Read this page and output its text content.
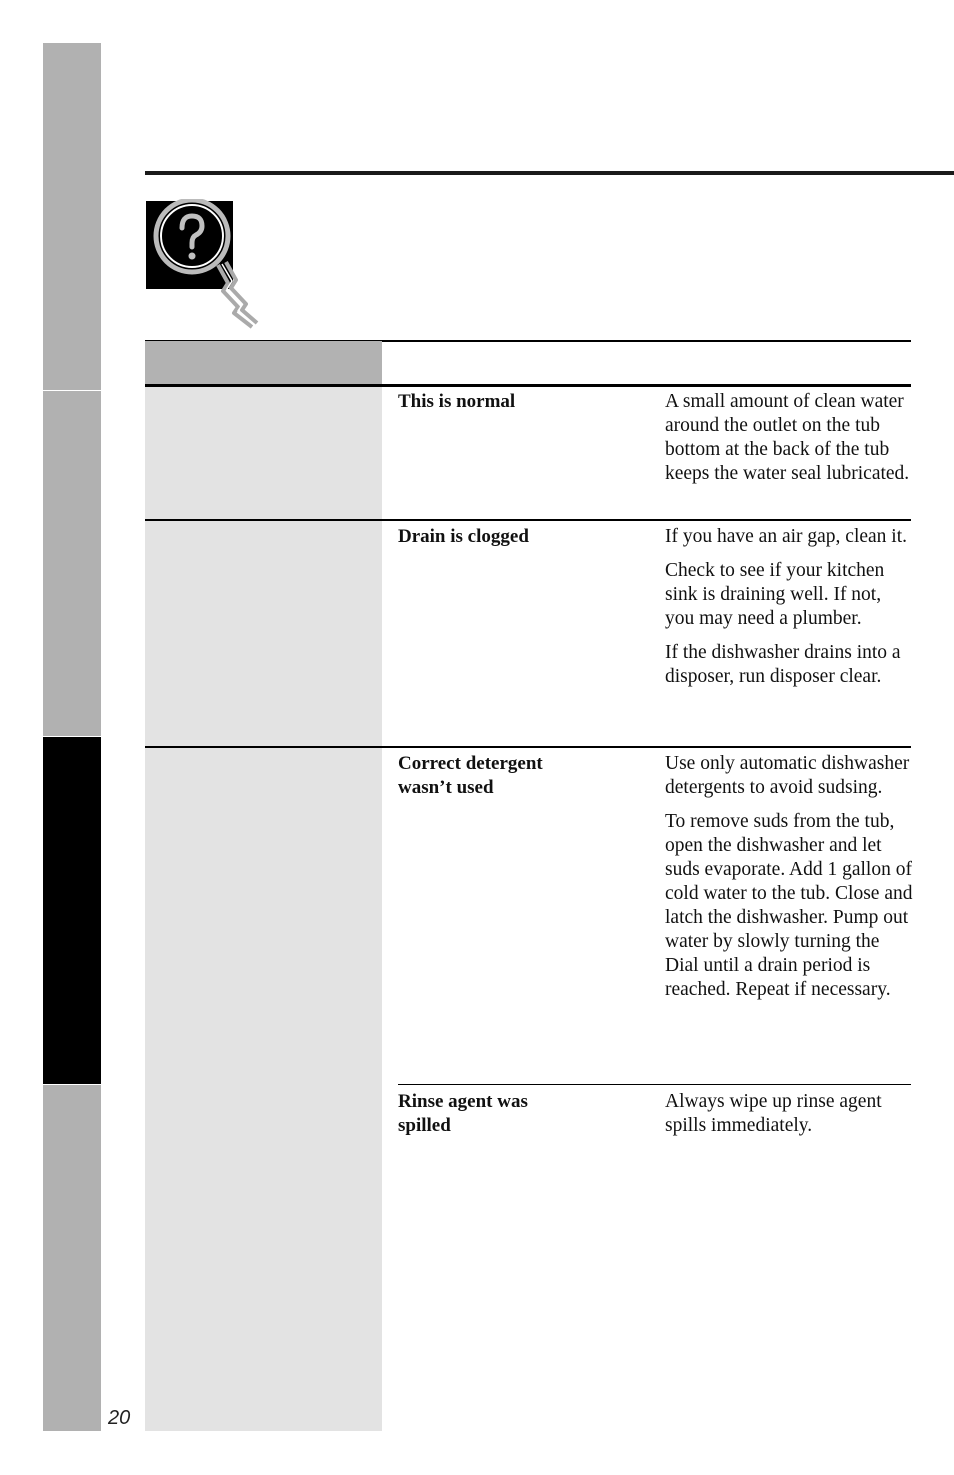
This is normal	A small amount of clean water around the outlet on the tub bottom at the back of the tub keeps the water seal lubricated.

Drain is clogged	If you have an air gap, clean it.

Check to see if your kitchen sink is draining well. If not, you may need a plumber.

If the dishwasher drains into a disposer, run disposer clear.

Correct detergent wasn’t used

Use only automatic dishwasher detergents to avoid sudsing.

To remove suds from the tub, open the dishwasher and let suds evaporate. Add 1 gallon of cold water to the tub. Close and latch the dishwasher. Pump out water by slowly turning the Dial until a drain period is reached. Repeat if necessary.

Rinse agent was spilled

Always wipe up rinse agent spills immediately.

20
